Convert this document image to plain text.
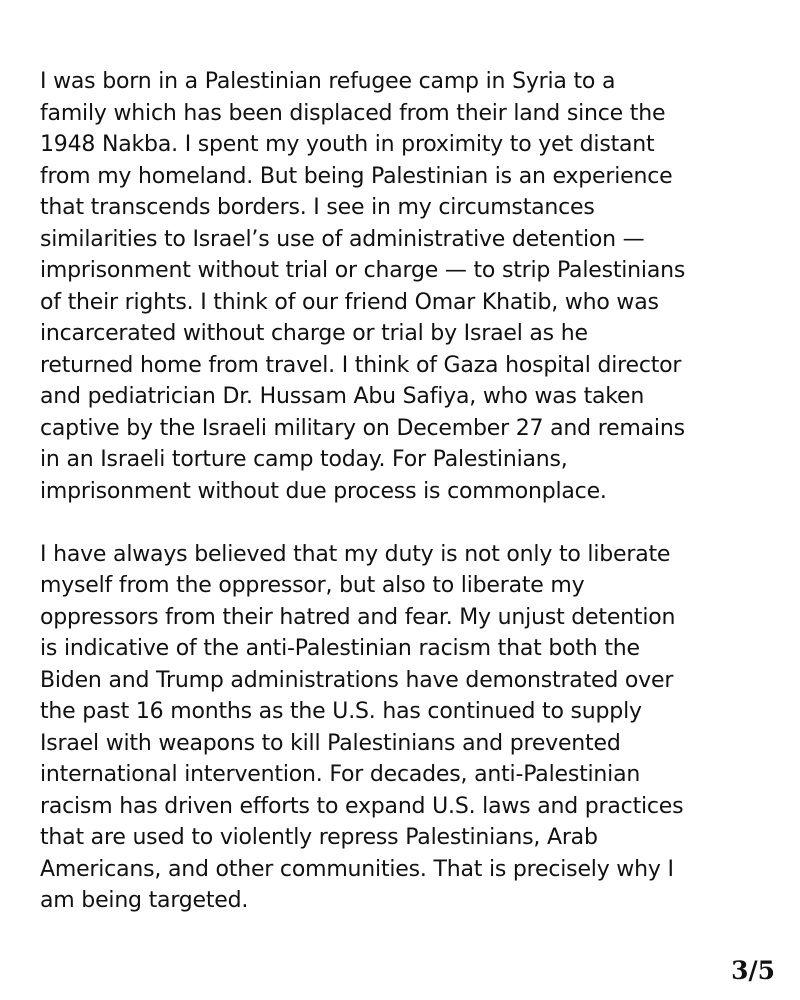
I was born in a Palestinian refugee camp in Syria to a
family which has been displaced from their land since the
1948 Nakba. I spent my youth in proximity to yet distant
from my homeland. But being Palestinian is an experience
that transcends borders. I see in my circumstances
similarities to Israel’s use of administrative detention —
imprisonment without trial or charge — to strip Palestinians
of their rights. I think of our friend Omar Khatib, who was
incarcerated without charge or trial by Israel as he
returned home from travel. I think of Gaza hospital director
and pediatrician Dr. Hussam Abu Safiya, who was taken
captive by the Israeli military on December 27 and remains
in an Israeli torture camp today. For Palestinians,
imprisonment without due process is commonplace.

I have always believed that my duty is not only to liberate
myself from the oppressor, but also to liberate my
oppressors from their hatred and fear. My unjust detention
is indicative of the anti-Palestinian racism that both the
Biden and Trump administrations have demonstrated over
the past 16 months as the U.S. has continued to supply
Israel with weapons to kill Palestinians and prevented
international intervention. For decades, anti-Palestinian
racism has driven efforts to expand U.S. laws and practices
that are used to violently repress Palestinians, Arab
Americans, and other communities. That is precisely why I
am being targeted.

3/5
